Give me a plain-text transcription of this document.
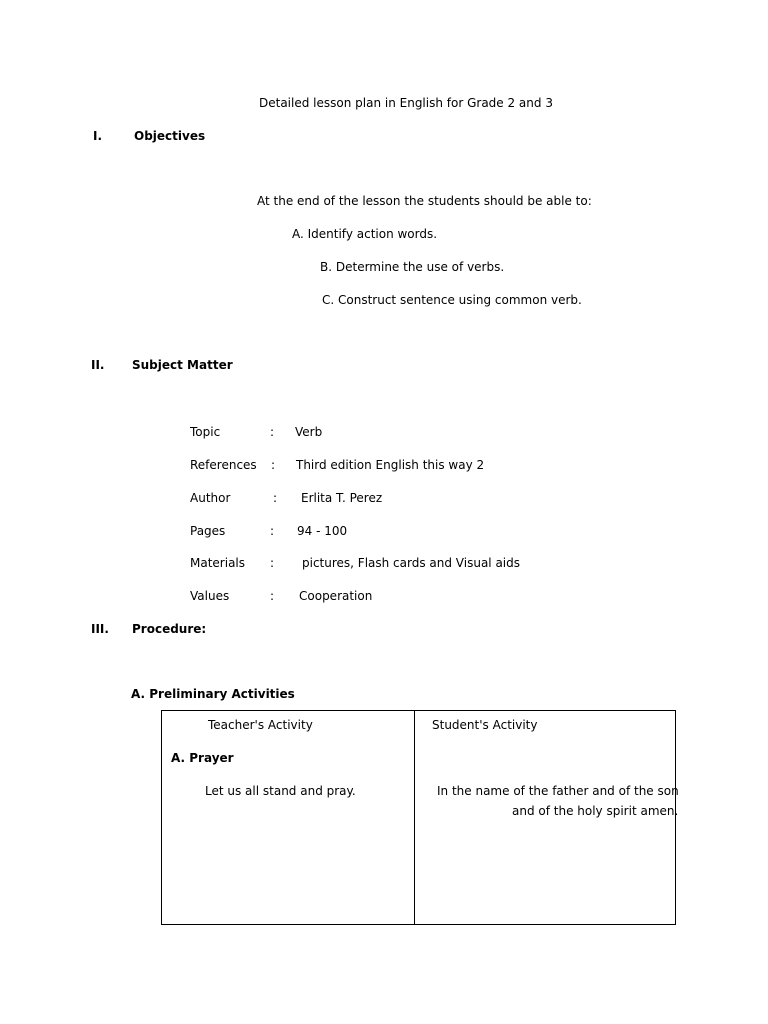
Detailed lesson plan in English for Grade 2 and 3
I.	Objectives
At the end of the lesson the students should be able to:
A. Identify action words.
B. Determine the use of verbs.
C. Construct sentence using common verb.
II. Subject Matter
Topic	: Verb
References : Third edition English this way 2
Author	: Erlita T. Perez
Pages	: 94 - 100
Materials : pictures, Flash cards and Visual aids
Values	: Cooperation
III. Procedure:
A. Preliminary Activities
Teacher's Activity	Student's Activity
A. Prayer
Let us all stand and pray.	In the name of the father and of the son
and of the holy spirit amen.
